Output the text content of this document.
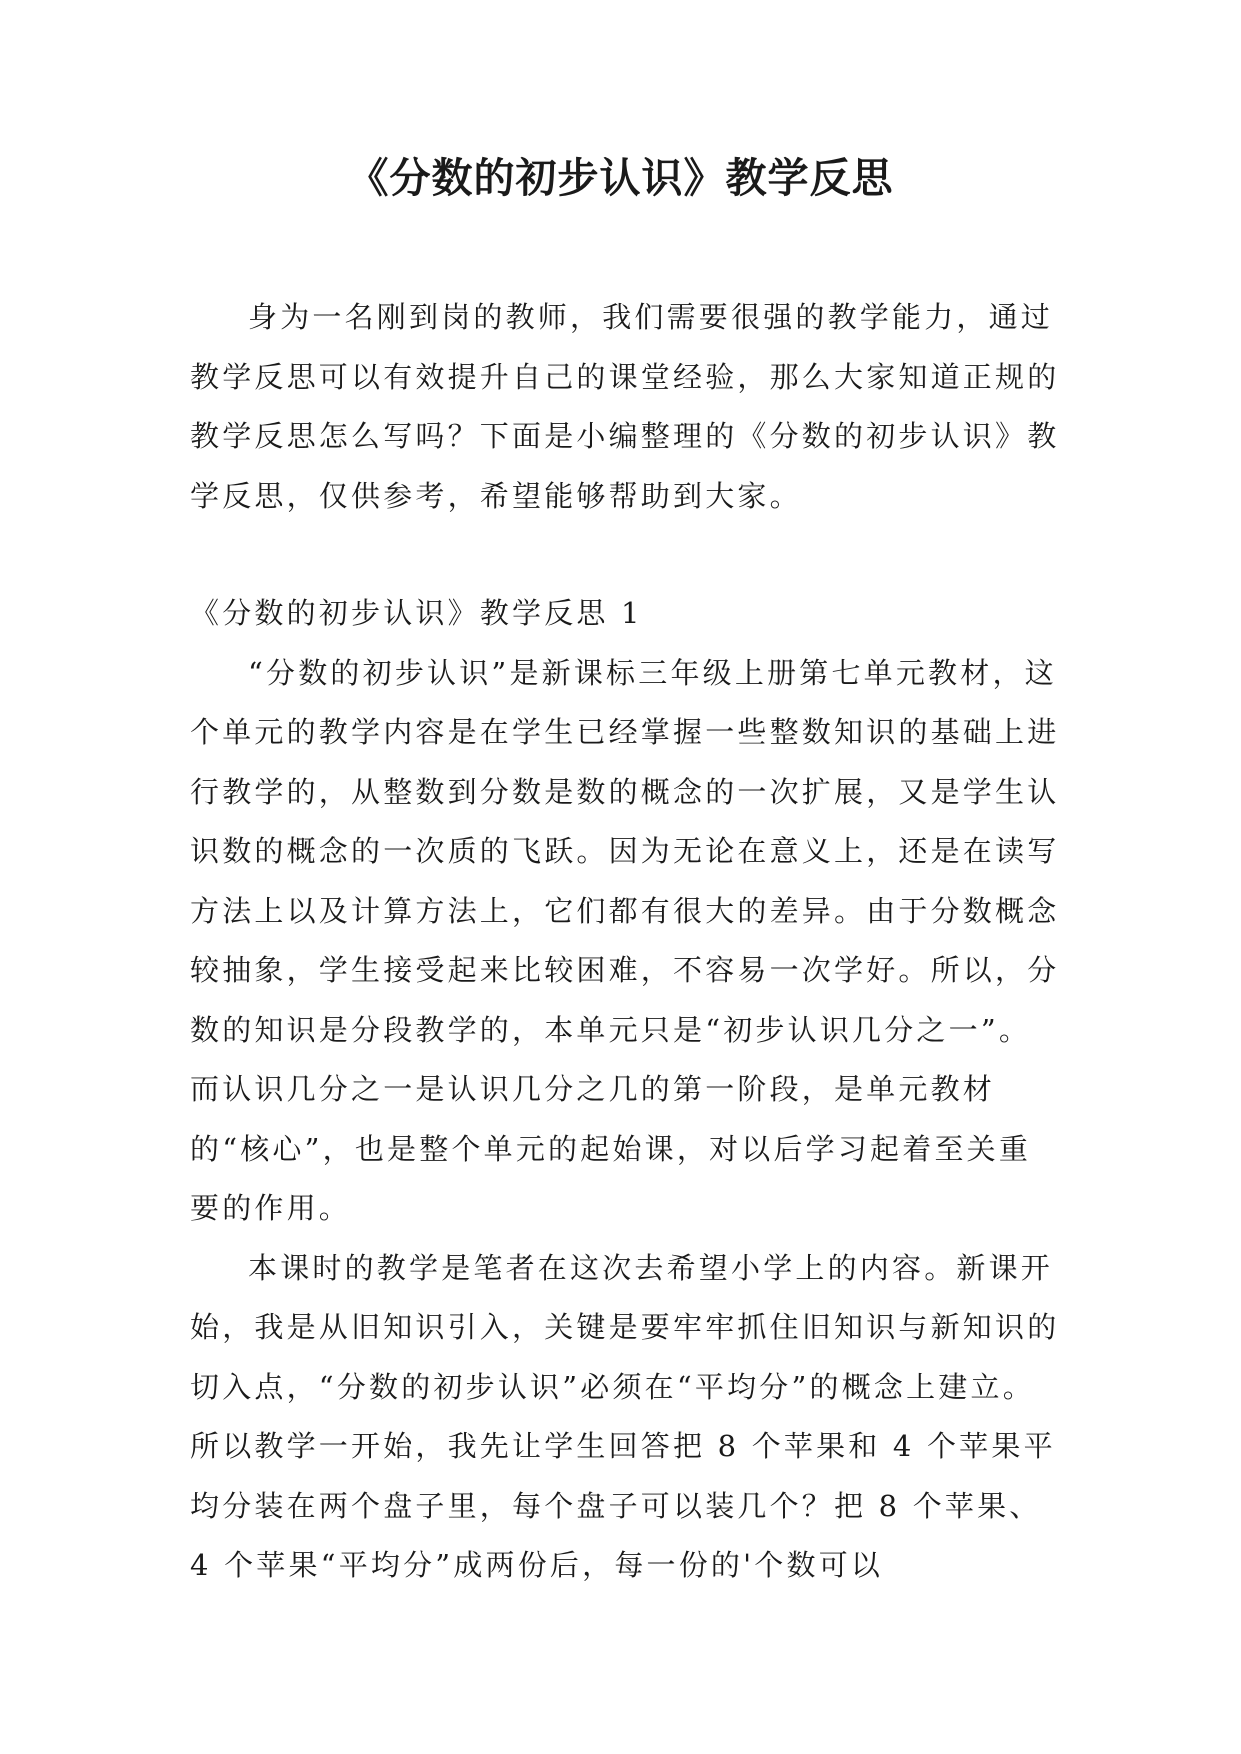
《分数的初步认识》教学反思

身为一名刚到岗的教师，我们需要很强的教学能力，通过教学反思可以有效提升自己的课堂经验，那么大家知道正规的教学反思怎么写吗？下面是小编整理的《分数的初步认识》教学反思，仅供参考，希望能够帮助到大家。

《分数的初步认识》教学反思 1

“分数的初步认识”是新课标三年级上册第七单元教材，这个单元的教学内容是在学生已经掌握一些整数知识的基础上进行教学的，从整数到分数是数的概念的一次扩展，又是学生认识数的概念的一次质的飞跃。因为无论在意义上，还是在读写方法上以及计算方法上，它们都有很大的差异。由于分数概念较抽象，学生接受起来比较困难，不容易一次学好。所以，分数的知识是分段教学的，本单元只是“初步认识几分之一”。而认识几分之一是认识几分之几的第一阶段，是单元教材的“核心”，也是整个单元的起始课，对以后学习起着至关重要的作用。

本课时的教学是笔者在这次去希望小学上的内容。新课开始，我是从旧知识引入，关键是要牢牢抓住旧知识与新知识的切入点，“分数的初步认识”必须在“平均分”的概念上建立。所以教学一开始，我先让学生回答把 8 个苹果和 4 个苹果平均分装在两个盘子里，每个盘子可以装几个？把 8 个苹果、4 个苹果“平均分”成两份后，每一份的'个数可以
